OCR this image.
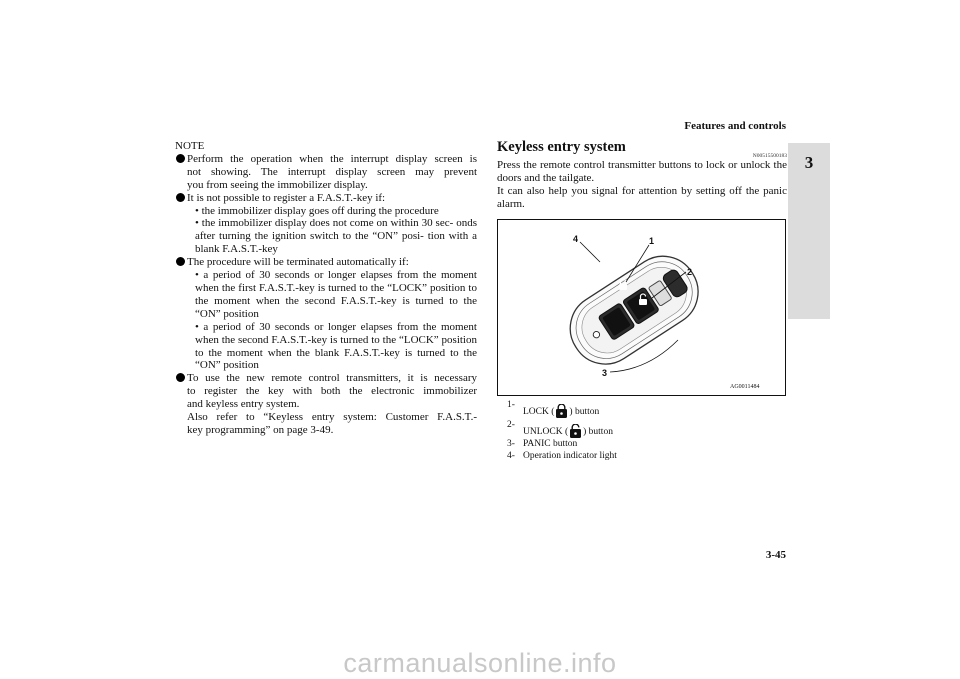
Features and controls
3
NOTE
Perform the operation when the interrupt display screen is
not showing. The interrupt display screen may prevent
you from seeing the immobilizer display.
It is not possible to register a F.A.S.T.-key if:
• the immobilizer display goes off during the procedure
• the immobilizer display does not come on within 30 sec- onds after turning the ignition switch to the “ON” posi- tion with a blank F.A.S.T.-key
The procedure will be terminated automatically if:
• a period of 30 seconds or longer elapses from the moment when the first F.A.S.T.-key is turned to the “LOCK” position to the moment when the second F.A.S.T.-key is turned to the “ON” position
• a period of 30 seconds or longer elapses from the moment when the second F.A.S.T.-key is turned to the “LOCK” position to the moment when the blank F.A.S.T.-key is turned to the “ON” position
To use the new remote control transmitters, it is necessary
to register the key with both the electronic immobilizer
and keyless entry system.
Also refer to “Keyless entry system: Customer F.A.S.T.-
key programming” on page 3-49.
Keyless entry system
N00515500183

Press the remote control transmitter buttons to lock or unlock the doors and the tailgate.

It can also help you signal for attention by setting off the panic alarm.

((
1
2
3
4
AG0011484
1-
LOCK ( ) button
2-
UNLOCK ( ) button
3- PANIC button
4- Operation indicator light
3-45
carmanualsonline.info
